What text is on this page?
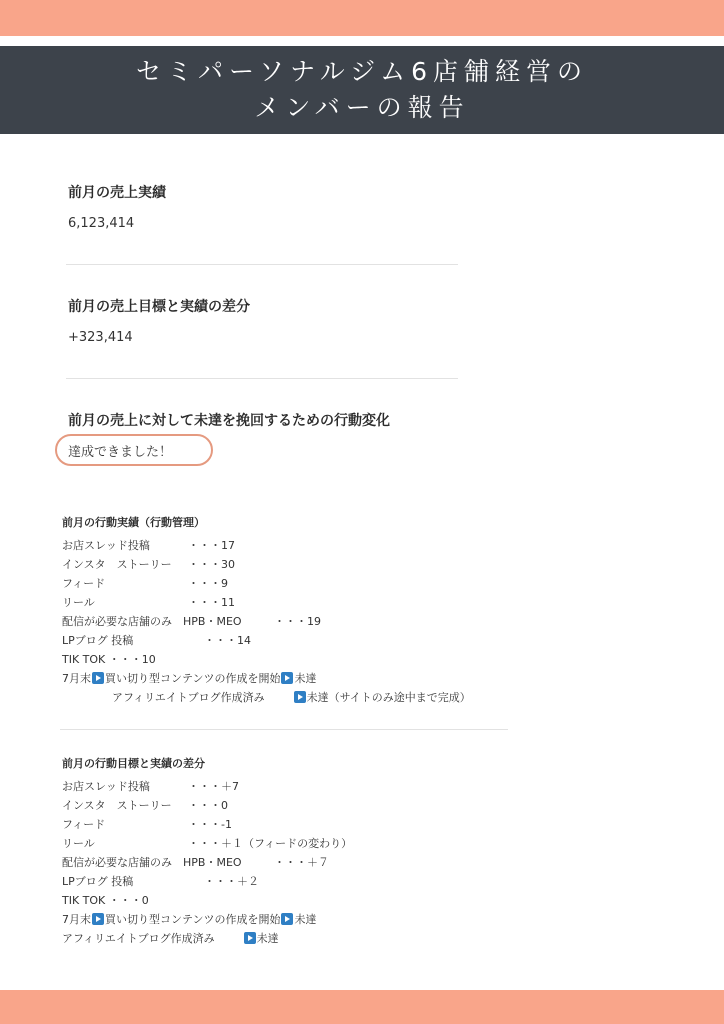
セミパーソナルジム6店舗経営の
メンバーの報告
前月の売上実績
6,123,414
前月の売上目標と実績の差分
+323,414
前月の売上に対して未達を挽回するための行動変化
達成できました！
前月の行動実績（行動管理）
お店スレッド投稿	・・・17
インスタ　ストーリー ・・・30
フィード	・・・9
リール	・・・11
配信が必要な店舗のみ　HPB・MEO	・・・19
LPブログ 投稿	・・・14
TIK TOK ・・・10
7月末 買い切り型コンテンツの作成を開始 未達
アフィリエイトブログ作成済み	未達（サイトのみ途中まで完成）
前月の行動目標と実績の差分
お店スレッド投稿	・・・＋7
インスタ　ストーリー ・・・0
フィード	・・・-1
リール	・・・＋１（フィードの変わり）
配信が必要な店舗のみ　HPB・MEO	・・・＋７
LPブログ 投稿	・・・＋２
TIK TOK ・・・0
7月末 買い切り型コンテンツの作成を開始 未達
アフィリエイトブログ作成済み	未達
